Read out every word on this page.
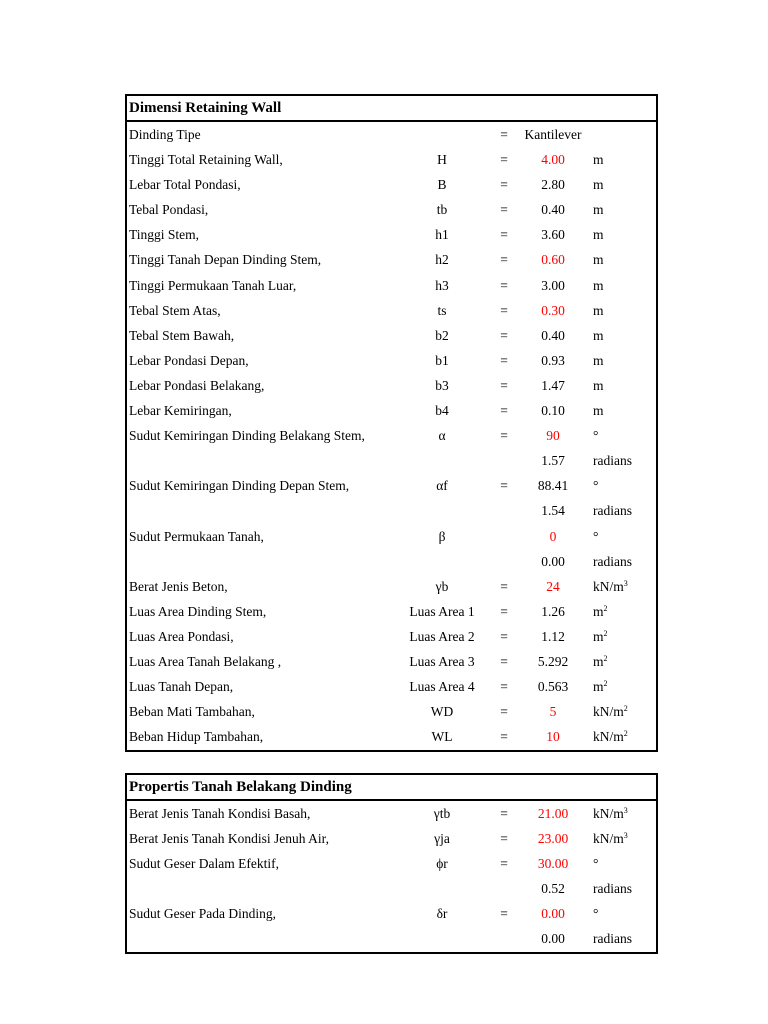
Dimensi Retaining Wall
Dinding Tipe	= Kantilever
Tinggi Total Retaining Wall,	H	=	4.00	m
Lebar Total Pondasi,	B	=	2.80	m
Tebal Pondasi,	tb	=	0.40	m
Tinggi Stem,	h1	=	3.60	m
Tinggi Tanah Depan Dinding Stem,	h2	=	0.60	m
Tinggi Permukaan Tanah Luar,	h3	=	3.00	m
Tebal Stem Atas,	ts	=	0.30	m
Tebal Stem Bawah,	b2	=	0.40	m
Lebar Pondasi Depan,	b1	=	0.93	m
Lebar Pondasi Belakang,	b3	=	1.47	m
Lebar Kemiringan,	b4	=	0.10	m
Sudut Kemiringan Dinding Belakang Stem,	α	=	90	°
1.57	radians
Sudut Kemiringan Dinding Depan Stem,	αf	=	88.41	°
1.54	radians
Sudut Permukaan Tanah,	β	0	°
0.00	radians
Berat Jenis Beton,	γb	=	24	$kN/m^3$
Luas Area Dinding Stem,	Luas Area 1	=	1.26	$m^2$
Luas Area Pondasi,	Luas Area 2	=	1.12	$m^2$
Luas Area Tanah Belakang ,	Luas Area 3	=	5.292	$m^2$
Luas Tanah Depan,	Luas Area 4	=	0.563	$m^2$
Beban Mati Tambahan,	WD	=	5	$kN/m^2$
Beban Hidup Tambahan,	WL	=	10	$kN/m^2$
Propertis Tanah Belakang Dinding
Berat Jenis Tanah Kondisi Basah,	γtb	=	21.00	$kN/m^3$
Berat Jenis Tanah Kondisi Jenuh Air,	γja	=	23.00	$kN/m^3$
Sudut Geser Dalam Efektif,	ϕr	=	30.00	°
0.52	radians
Sudut Geser Pada Dinding,	δr	=	0.00	°
0.00	radians
